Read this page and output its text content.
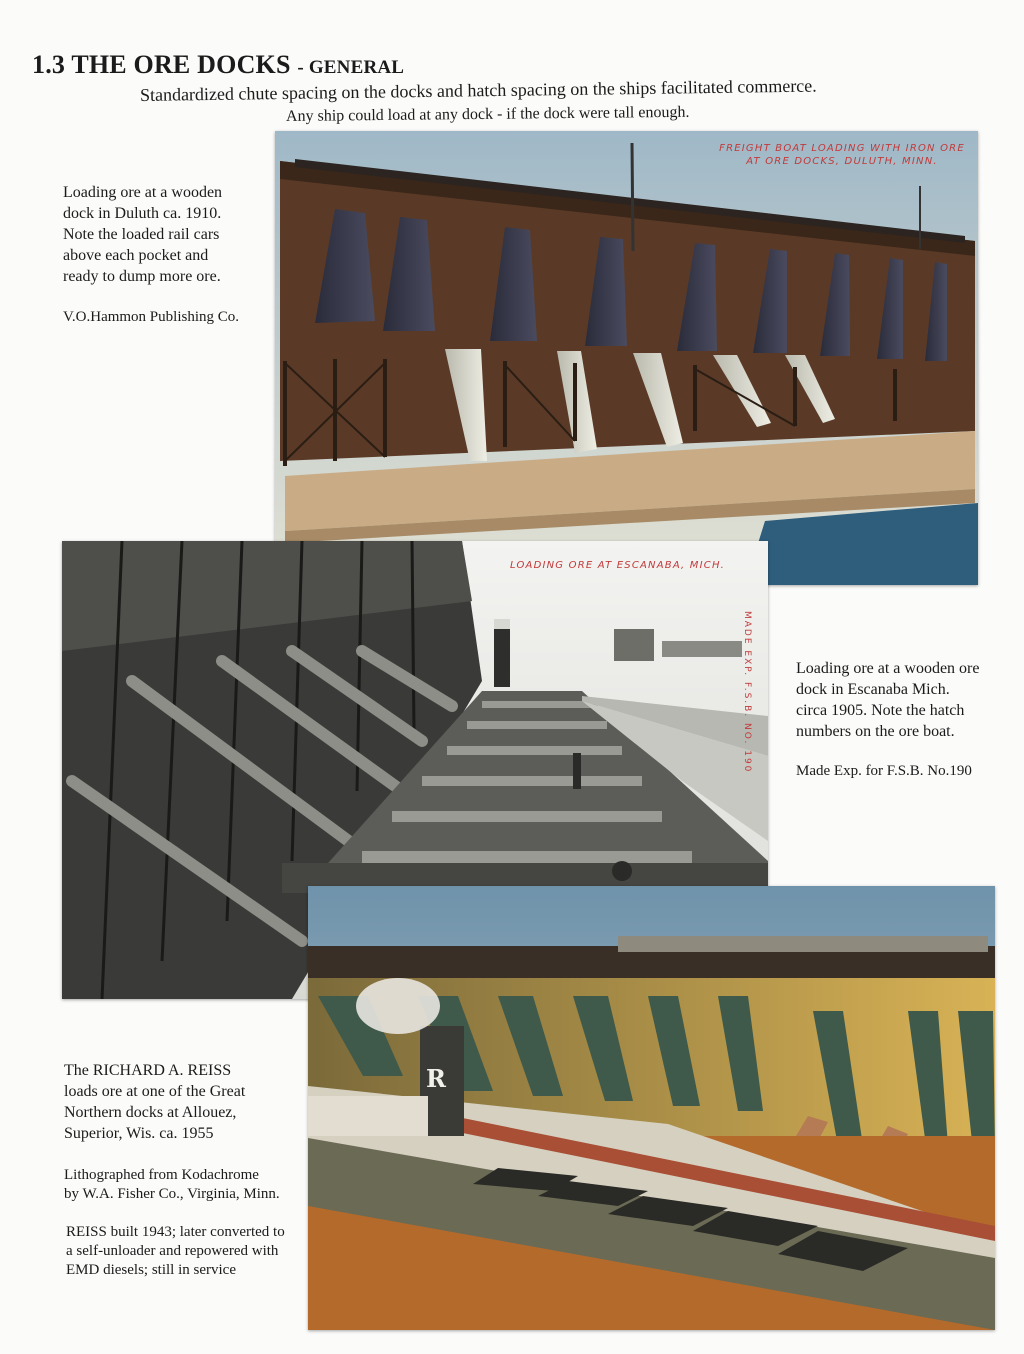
1.3 THE ORE DOCKS - GENERAL
Standardized chute spacing on the docks and hatch spacing on the ships facilitated commerce.
Any ship could load at any dock - if the dock were tall enough.

Loading ore at a wooden

dock in Duluth ca. 1910.

Note the loaded rail cars

above each pocket and

ready to dump more ore.

V.O.Hammon Publishing Co.

Loading ore at a wooden ore

dock in Escanaba Mich.

circa 1905. Note the hatch

numbers on the ore boat.

Made Exp. for F.S.B. No.190

The RICHARD A. REISS

loads ore at one of the Great

Northern docks at Allouez,

Superior, Wis. ca. 1955

Lithographed from Kodachrome
by W.A. Fisher Co., Virginia, Minn.
REISS built 1943; later converted to
a self-unloader and repowered with
EMD diesels; still in service
FREIGHT BOAT LOADING WITH IRON ORE
AT ORE DOCKS, DULUTH, MINN.
LOADING ORE AT ESCANABA, MICH.
MADE EXP. F.S.B. NO. 190
R
